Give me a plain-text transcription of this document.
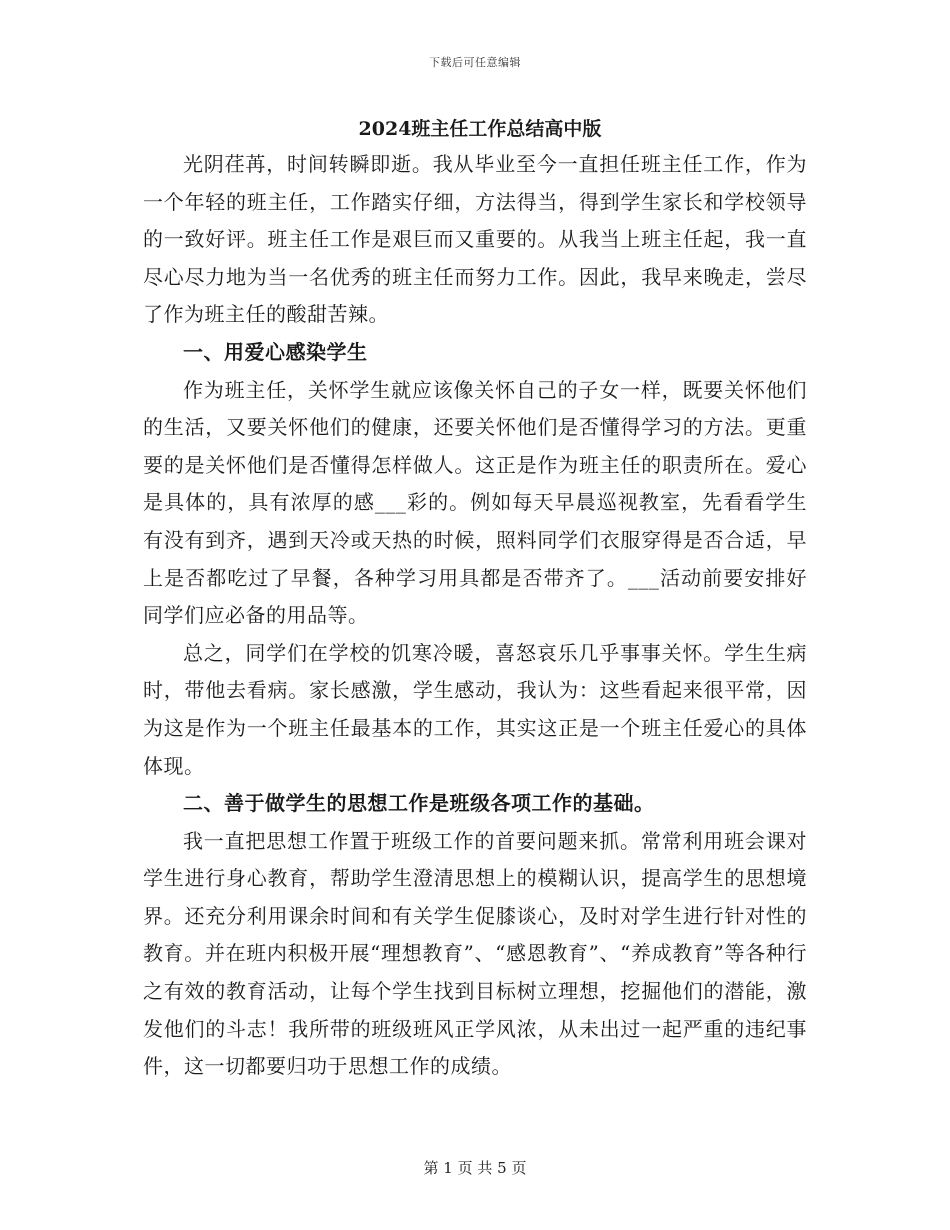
下载后可任意编辑
2024班主任工作总结高中版

光阴荏苒，时间转瞬即逝。我从毕业至今一直担任班主任工作，作为一个年轻的班主任，工作踏实仔细，方法得当，得到学生家长和学校领导的一致好评。班主任工作是艰巨而又重要的。从我当上班主任起，我一直尽心尽力地为当一名优秀的班主任而努力工作。因此，我早来晚走，尝尽了作为班主任的酸甜苦辣。

一、用爱心感染学生

作为班主任，关怀学生就应该像关怀自己的子女一样，既要关怀他们的生活，又要关怀他们的健康，还要关怀他们是否懂得学习的方法。更重要的是关怀他们是否懂得怎样做人。这正是作为班主任的职责所在。爱心是具体的，具有浓厚的感___彩的。例如每天早晨巡视教室，先看看学生有没有到齐，遇到天冷或天热的时候，照料同学们衣服穿得是否合适，早上是否都吃过了早餐，各种学习用具都是否带齐了。___活动前要安排好同学们应必备的用品等。

总之，同学们在学校的饥寒冷暖，喜怒哀乐几乎事事关怀。学生生病时，带他去看病。家长感激，学生感动，我认为：这些看起来很平常，因为这是作为一个班主任最基本的工作，其实这正是一个班主任爱心的具体体现。

二、善于做学生的思想工作是班级各项工作的基础。

我一直把思想工作置于班级工作的首要问题来抓。常常利用班会课对学生进行身心教育，帮助学生澄清思想上的模糊认识，提高学生的思想境界。还充分利用课余时间和有关学生促膝谈心，及时对学生进行针对性的教育。并在班内积极开展“理想教育”、“感恩教育”、“养成教育”等各种行之有效的教育活动，让每个学生找到目标树立理想，挖掘他们的潜能，激发他们的斗志！我所带的班级班风正学风浓，从未出过一起严重的违纪事件，这一切都要归功于思想工作的成绩。

第 1 页 共 5 页
